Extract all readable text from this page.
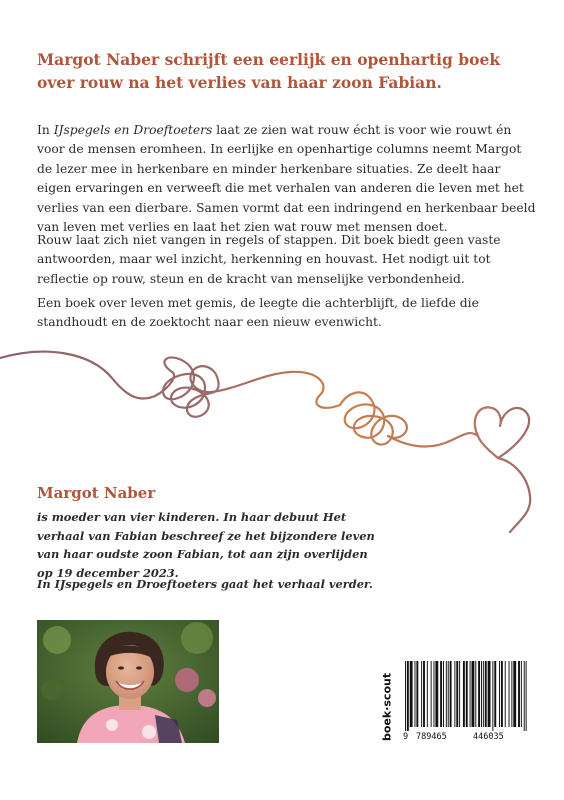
Margot Naber schrijft een eerlijk en openhartig boek over rouw na het verlies van haar zoon Fabian.

In IJspegels en Droeftoeters laat ze zien wat rouw écht is voor wie rouwt én voor de mensen eromheen. In eerlijke en openhartige columns neemt Margot de lezer mee in herkenbare en minder herkenbare situaties. Ze deelt haar eigen ervaringen en verweeft die met verhalen van anderen die leven met het verlies van een dierbare. Samen vormt dat een indringend en herkenbaar beeld van leven met verlies en laat het zien wat rouw met mensen doet.

Rouw laat zich niet vangen in regels of stappen. Dit boek biedt geen vaste antwoorden, maar wel inzicht, herkenning en houvast. Het nodigt uit tot reflectie op rouw, steun en de kracht van menselijke verbondenheid.

Een boek over leven met gemis, de leegte die achterblijft, de liefde die standhoudt en de zoektocht naar een nieuw evenwicht.

Margot Naber

is moeder van vier kinderen. In haar debuut Het verhaal van Fabian beschreef ze het bijzondere leven van haar oudste zoon Fabian, tot aan zijn overlijden op 19 december 2023.

In IJspegels en Droeftoeters gaat het verhaal verder.

boek·scout 9 789465	446035
